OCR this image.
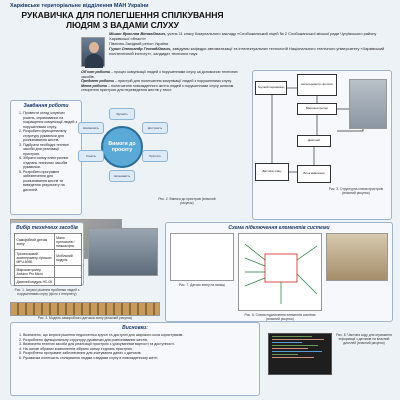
Харківське територіальне відділення МАН України
РУКАВИЧКА ДЛЯ ПОЛЕГШЕННЯ СПІЛКУВАННЯ ЛЮДЯМ З ВАДАМИ СЛУХУ
Мішин Ярослав Віталійович, учень 11 класу Комунального закладу «Слобожанський ліцей № 2 Слобожанської міської ради Чугуївського району Харківської області»
Північно-Західний регіон України
Гурин Олександр Геннадійович, завідувач кафедри автоматизації та інтелектуальних технологій Національного технічного університету «Харківський політехнічний інститут», кандидат технічних наук
Об’єкт роботи – процес комунікації людей з порушеннями слуху за допомогою технічних засобів.
Предмет роботи – пристрій для полегшення комунікації людей з порушеннями слуху.
Мета роботи – полегшення повсякденного життя людей з порушеннями слуху шляхом створення пристрою для переведення жестів у текст.
Завдання роботи
1. Провести огляд існуючих рішень, спрямованих на покращення комунікації людей з порушеннями слуху.
2. Розробити функціональну структуру рукавички для розпізнавання жестів.
3. Підібрати необхідні технічні засоби для реалізації пристрою.
4. Зібрати схему електричних з’єднань технічних засобів рукавички.
5. Розробити програмне забезпечення для розпізнавання жестів та виведення результату на дисплей.
Вимоги до проєкту
Зручність
Доступність
Простота
Автономність
Точність
Компактність
Рис. 2. Вимоги до пристрою (власний рисунок)
Гнучкий перемикач
Акселерометр-гіроскоп
Мікроконтролер
Дисплей
Блок живлення
Датчики згину
Рис. 3. Структурна схема пристрою (власний рисунок)
Вибір технічних засобів
Саморобний датчик згину	Мало протоколів / низька ціна
Трьохосьовий акселерометр-гіроскоп MPU-6050	Мобільний модуль
Мікроконтролер Arduino Pro Micro	
Дисплей модуль HC-05	
Рис. 1. Існуючі рішення проблеми людей з порушеннями слуху (фото з інтернету)
Рис. 3. Модель саморобного датчика згину (власний рисунок)
Схема підключення елементів системи
Рис. 7. Датчик згину на пальці
Рис. 6. Схема підключення елементів системи (власний рисунок)
Висновки:
1. Визначено, що існуючі рішення недостатньо зручні та доступні для широкого кола користувачів.
2. Розроблено функціональну структуру рукавички для розпізнавання жестів.
3. Визначено технічні засоби для реалізації пристрою з урахуванням вартості та доступності.
4. На основі обраних компонентів зібрано схему з’єднань пристрою.
5. Розроблено програмне забезпечення для зчитування даних з датчиків.
6. Рукавичка полегшить спілкування людям з вадами слуху в повсякденному житті.
Рис. 8. Частина коду для отримання інформації з датчиків на власний дисплей (власний рисунок)
